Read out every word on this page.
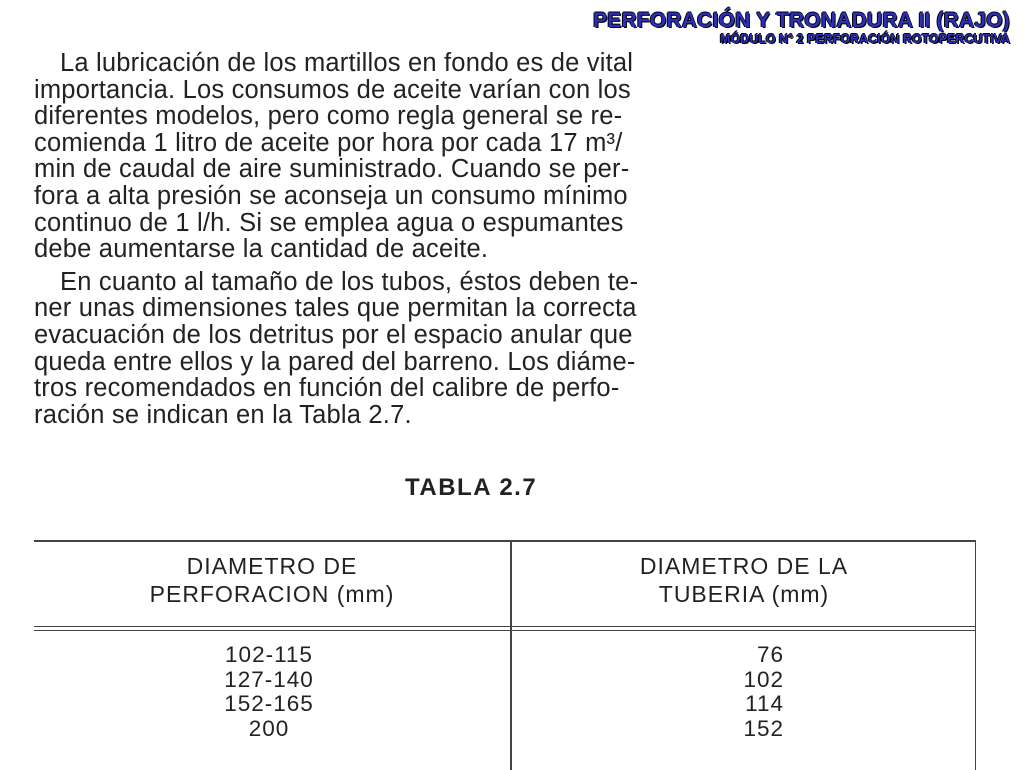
PERFORACIÓN Y TRONADURA II (RAJO)
MÓDULO N° 2 PERFORACIÓN ROTOPERCUTIVA

La lubricación de los martillos en fondo es de vital
importancia. Los consumos de aceite varían con los
diferentes modelos, pero como regla general se re-
comienda 1 litro de aceite por hora por cada 17 m³/
min de caudal de aire suministrado. Cuando se per-
fora a alta presión se aconseja un consumo mínimo
continuo de 1 l/h. Si se emplea agua o espumantes
debe aumentarse la cantidad de aceite.

En cuanto al tamaño de los tubos, éstos deben te-
ner unas dimensiones tales que permitan la correcta
evacuación de los detritus por el espacio anular que
queda entre ellos y la pared del barreno. Los diáme-
tros recomendados en función del calibre de perfo-
ración se indican en la Tabla 2.7.

TABLA 2.7
DIAMETRO DE
PERFORACION (mm)
DIAMETRO DE LA
TUBERIA (mm)
102-115
127-140
152-165
200
76
102
114
152
